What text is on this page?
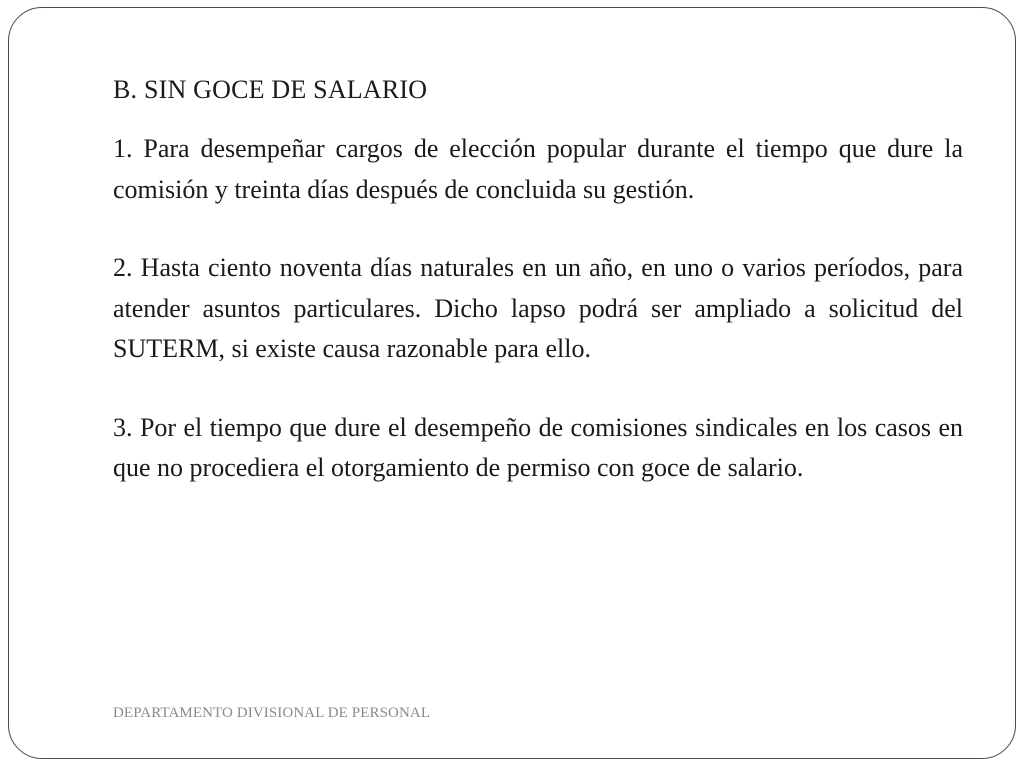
B. SIN GOCE DE SALARIO
1. Para desempeñar cargos de elección popular durante el tiempo que dure la comisión y treinta días después de concluida su gestión.
2. Hasta ciento noventa días naturales en un año, en uno o varios períodos, para atender asuntos particulares. Dicho lapso podrá ser ampliado a solicitud del SUTERM, si existe causa razonable para ello.
3. Por el tiempo que dure el desempeño de comisiones sindicales en los casos en que no procediera el otorgamiento de permiso con goce de salario.
DEPARTAMENTO DIVISIONAL DE PERSONAL
